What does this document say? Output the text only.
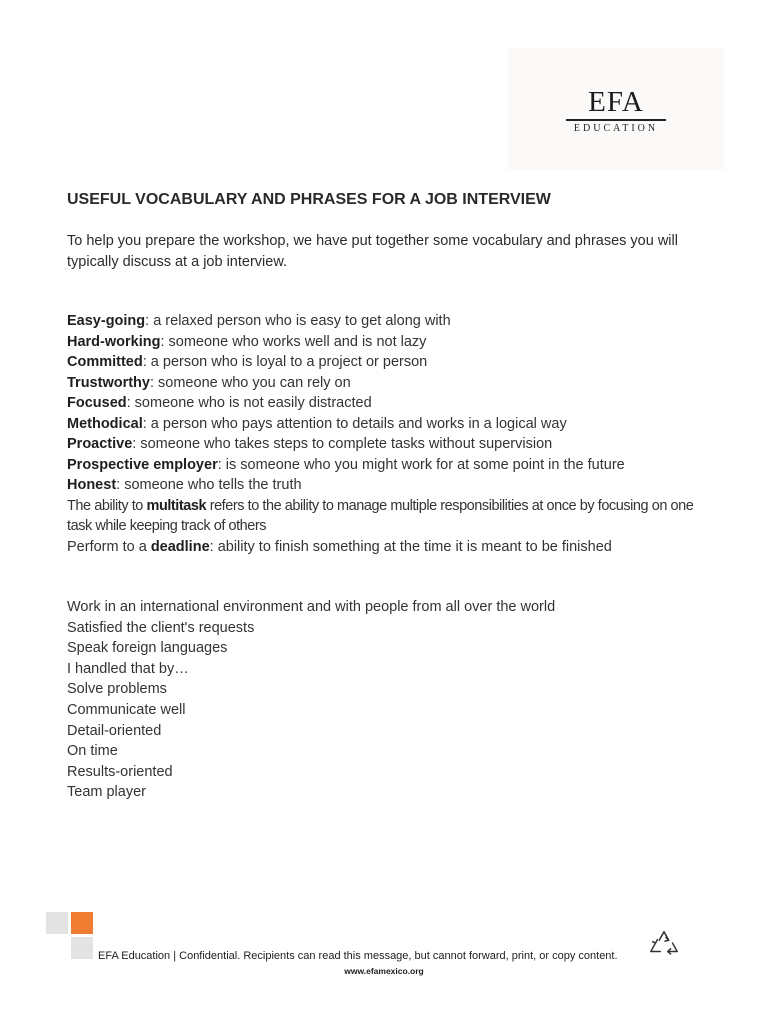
EFA
EDUCATION
USEFUL VOCABULARY AND PHRASES FOR A JOB INTERVIEW

To help you prepare the workshop, we have put together some vocabulary and phrases you will typically discuss at a job interview.

Easy-going: a relaxed person who is easy to get along with
Hard-working: someone who works well and is not lazy
Committed: a person who is loyal to a project or person
Trustworthy: someone who you can rely on
Focused: someone who is not easily distracted
Methodical: a person who pays attention to details and works in a logical way
Proactive: someone who takes steps to complete tasks without supervision
Prospective employer: is someone who you might work for at some point in the future
Honest: someone who tells the truth
The ability to multitask refers to the ability to manage multiple responsibilities at once by focusing on one task while keeping track of others
Perform to a deadline: ability to finish something at the time it is meant to be finished
Work in an international environment and with people from all over the world
Satisfied the client's requests
Speak foreign languages
I handled that by…
Solve problems
Communicate well
Detail-oriented
On time
Results-oriented
Team player

EFA Education | Confidential. Recipients can read this message, but cannot forward, print, or copy content.

www.efamexico.org
